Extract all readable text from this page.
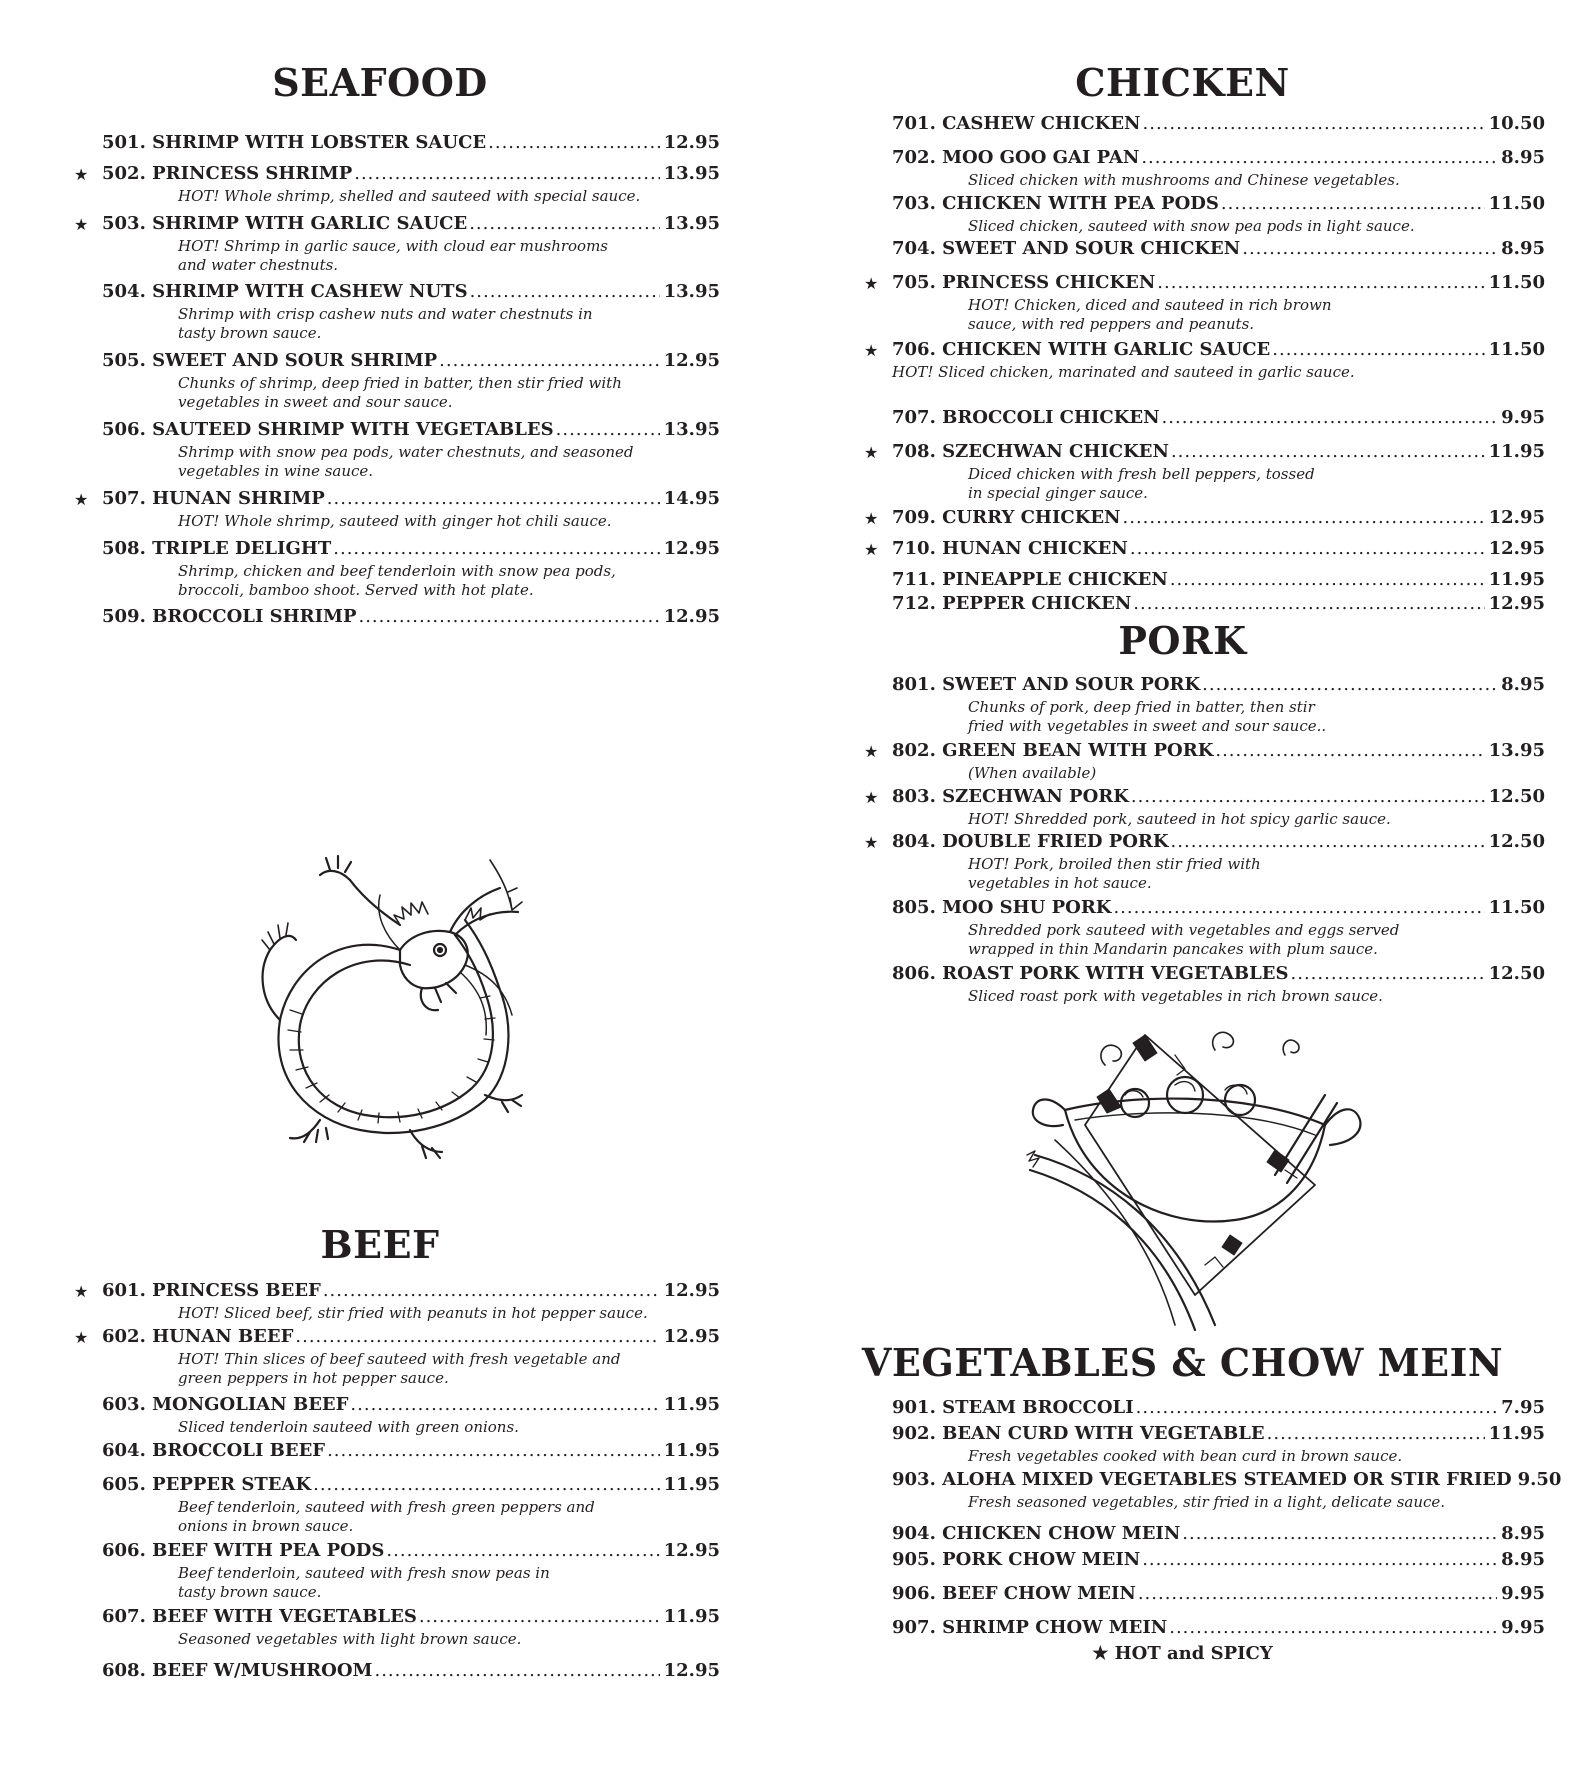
SEAFOOD
501. SHRIMP WITH LOBSTER SAUCE .....	12.95
★ 502. PRINCESS SHRIMP .....	13.95

HOT! Whole shrimp, shelled and sauteed with special sauce.

★ 503. SHRIMP WITH GARLIC SAUCE .....	13.95

HOT! Shrimp in garlic sauce, with cloud ear mushrooms

and water chestnuts.

504. SHRIMP WITH CASHEW NUTS .....	13.95

Shrimp with crisp cashew nuts and water chestnuts in

tasty brown sauce.

505. SWEET AND SOUR SHRIMP .....	12.95

Chunks of shrimp, deep fried in batter, then stir fried with

vegetables in sweet and sour sauce.

506. SAUTEED SHRIMP WITH VEGETABLES .....	13.95

Shrimp with snow pea pods, water chestnuts, and seasoned

vegetables in wine sauce.

★ 507. HUNAN SHRIMP .....	14.95

HOT! Whole shrimp, sauteed with ginger hot chili sauce.

508. TRIPLE DELIGHT .....	12.95

Shrimp, chicken and beef tenderloin with snow pea pods,

broccoli, bamboo shoot. Served with hot plate.

509. BROCCOLI SHRIMP .....	12.95
BEEF
★ 601. PRINCESS BEEF .....	12.95

HOT! Sliced beef, stir fried with peanuts in hot pepper sauce.

★ 602. HUNAN BEEF .....	12.95

HOT! Thin slices of beef sauteed with fresh vegetable and

green peppers in hot pepper sauce.

603. MONGOLIAN BEEF .....	11.95

Sliced tenderloin sauteed with green onions.

604. BROCCOLI BEEF .....	11.95
605. PEPPER STEAK .....	11.95

Beef tenderloin, sauteed with fresh green peppers and

onions in brown sauce.

606. BEEF WITH PEA PODS .....	12.95

Beef tenderloin, sauteed with fresh snow peas in

tasty brown sauce.

607. BEEF WITH VEGETABLES .....	11.95

Seasoned vegetables with light brown sauce.

608. BEEF W/MUSHROOM .....	12.95
CHICKEN
701. CASHEW CHICKEN .....	10.50
702. MOO GOO GAI PAN .....	8.95

Sliced chicken with mushrooms and Chinese vegetables.

703. CHICKEN WITH PEA PODS .....	11.50

Sliced chicken, sauteed with snow pea pods in light sauce.

704. SWEET AND SOUR CHICKEN .....	8.95
★ 705. PRINCESS CHICKEN .....	11.50

HOT! Chicken, diced and sauteed in rich brown

sauce, with red peppers and peanuts.

★ 706. CHICKEN WITH GARLIC SAUCE .....	11.50

HOT! Sliced chicken, marinated and sauteed in garlic sauce.

707. BROCCOLI CHICKEN .....	9.95
★ 708. SZECHWAN CHICKEN .....	11.95

Diced chicken with fresh bell peppers, tossed

in special ginger sauce.

★ 709. CURRY CHICKEN .....	12.95
★ 710. HUNAN CHICKEN .....	12.95
711. PINEAPPLE CHICKEN .....	11.95
712. PEPPER CHICKEN .....	12.95
PORK
801. SWEET AND SOUR PORK .....	8.95

Chunks of pork, deep fried in batter, then stir

fried with vegetables in sweet and sour sauce..

★ 802. GREEN BEAN WITH PORK .....	13.95

(When available)

★ 803. SZECHWAN PORK .....	12.50

HOT! Shredded pork, sauteed in hot spicy garlic sauce.

★ 804. DOUBLE FRIED PORK .....	12.50

HOT! Pork, broiled then stir fried with

vegetables in hot sauce.

805. MOO SHU PORK .....	11.50

Shredded pork sauteed with vegetables and eggs served

wrapped in thin Mandarin pancakes with plum sauce.

806. ROAST PORK WITH VEGETABLES .....	12.50

Sliced roast pork with vegetables in rich brown sauce.

VEGETABLES & CHOW MEIN
901. STEAM BROCCOLI .....	7.95
902. BEAN CURD WITH VEGETABLE .....	11.95

Fresh vegetables cooked with bean curd in brown sauce.

903. ALOHA MIXED VEGETABLES STEAMED OR STIR FRIED 9.50

Fresh seasoned vegetables, stir fried in a light, delicate sauce.

904. CHICKEN CHOW MEIN .....	8.95
905. PORK CHOW MEIN .....	8.95
906. BEEF CHOW MEIN .....	9.95
907. SHRIMP CHOW MEIN .....	9.95
★ HOT and SPICY
